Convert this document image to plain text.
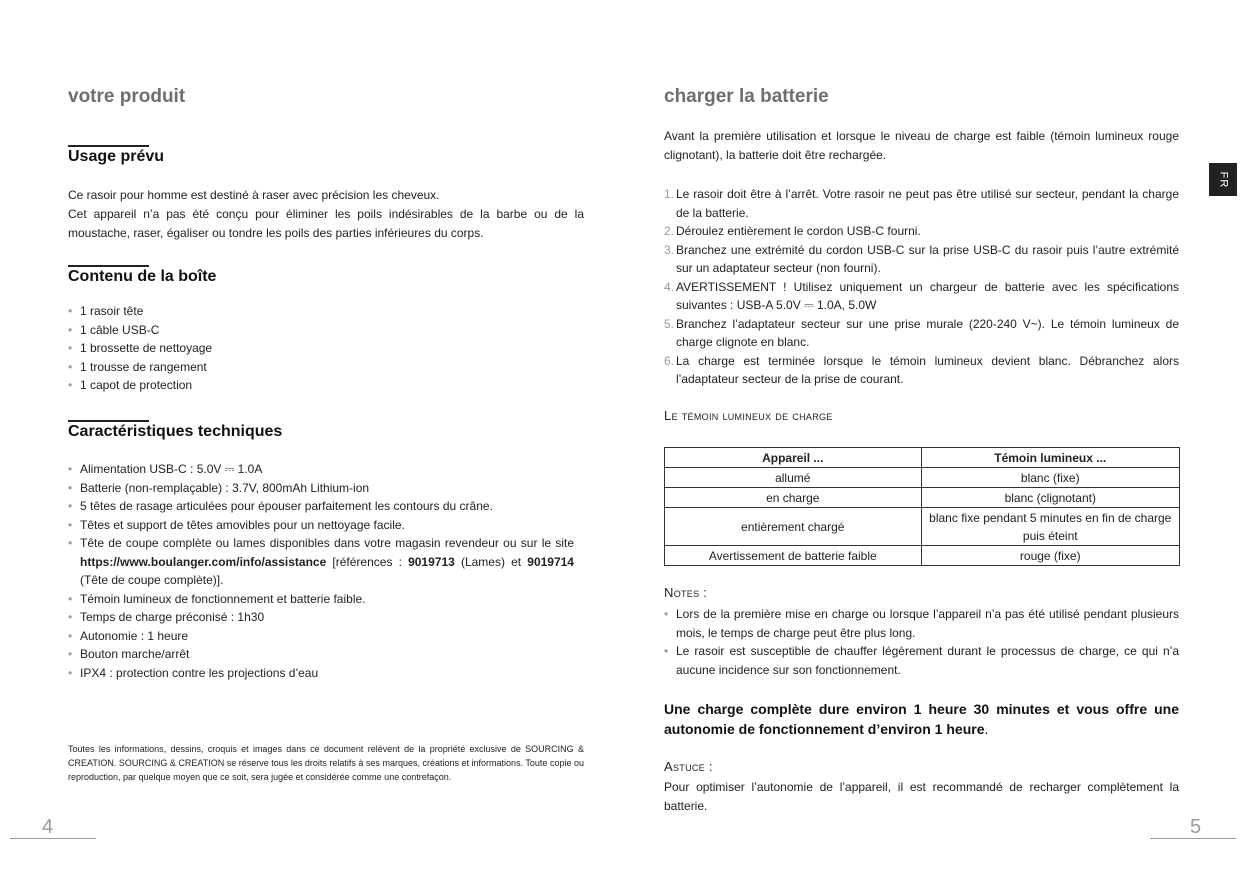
votre produit
Usage prévu

Ce rasoir pour homme est destiné à raser avec précision les cheveux.

Cet appareil n’a pas été conçu pour éliminer les poils indésirables de la barbe ou de la moustache, raser, égaliser ou tondre les poils des parties inférieures du corps.

Contenu de la boîte
• 1 rasoir tête
• 1 câble USB-C
• 1 brossette de nettoyage
• 1 trousse de rangement
• 1 capot de protection
Caractéristiques techniques
• Alimentation USB-C : 5.0V ⎓ 1.0A
• Batterie (non-remplaçable) : 3.7V, 800mAh Lithium-ion
• 5 têtes de rasage articulées pour épouser parfaitement les contours du crâne.
• Têtes et support de têtes amovibles pour un nettoyage facile.
• Tête de coupe complète ou lames disponibles dans votre magasin revendeur ou sur le site https://www.boulanger.com/info/assistance [références : 9019713 (Lames) et 9019714 (Tête de coupe complète)].
• Témoin lumineux de fonctionnement et batterie faible.
• Temps de charge préconisé : 1h30
• Autonomie : 1 heure
• Bouton marche/arrêt
• IPX4 : protection contre les projections d’eau

Toutes les informations, dessins, croquis et images dans ce document relèvent de la propriété exclusive de SOURCING & CREATION. SOURCING & CREATION se réserve tous les droits relatifs à ses marques, créations et informations. Toute copie ou reproduction, par quelque moyen que ce soit, sera jugée et considérée comme une contrefaçon.

4
charger la batterie

Avant la première utilisation et lorsque le niveau de charge est faible (témoin lumineux rouge clignotant), la batterie doit être rechargée.

1. Le rasoir doit être à l’arrêt. Votre rasoir ne peut pas être utilisé sur secteur, pendant la charge de la batterie.
2. Déroulez entièrement le cordon USB-C fourni.
3. Branchez une extrémité du cordon USB-C sur la prise USB-C du rasoir puis l’autre extrémité sur un adaptateur secteur (non fourni).
4. AVERTISSEMENT ! Utilisez uniquement un chargeur de batterie avec les spécifications suivantes : USB-A 5.0V ⎓ 1.0A, 5.0W
5. Branchez l’adaptateur secteur sur une prise murale (220-240 V~). Le témoin lumineux de charge clignote en blanc.
6. La charge est terminée lorsque le témoin lumineux devient blanc. Débranchez alors l’adaptateur secteur de la prise de courant.

Le témoin lumineux de charge

Appareil ...	Témoin lumineux ...
allumé	blanc (fixe)
en charge	blanc (clignotant)
entièrement chargé	blanc fixe pendant 5 minutes en fin de charge puis éteint
Avertissement de batterie faible	rouge (fixe)

Notes :

• Lors de la première mise en charge ou lorsque l’appareil n’a pas été utilisé pendant plusieurs mois, le temps de charge peut être plus long.
• Le rasoir est susceptible de chauffer légèrement durant le processus de charge, ce qui n’a aucune incidence sur son fonctionnement.

Une charge complète dure environ 1 heure 30 minutes et vous offre une autonomie de fonctionnement d’environ 1 heure.

Astuce :

Pour optimiser l’autonomie de l’appareil, il est recommandé de recharger complètement la batterie.

5
FR
